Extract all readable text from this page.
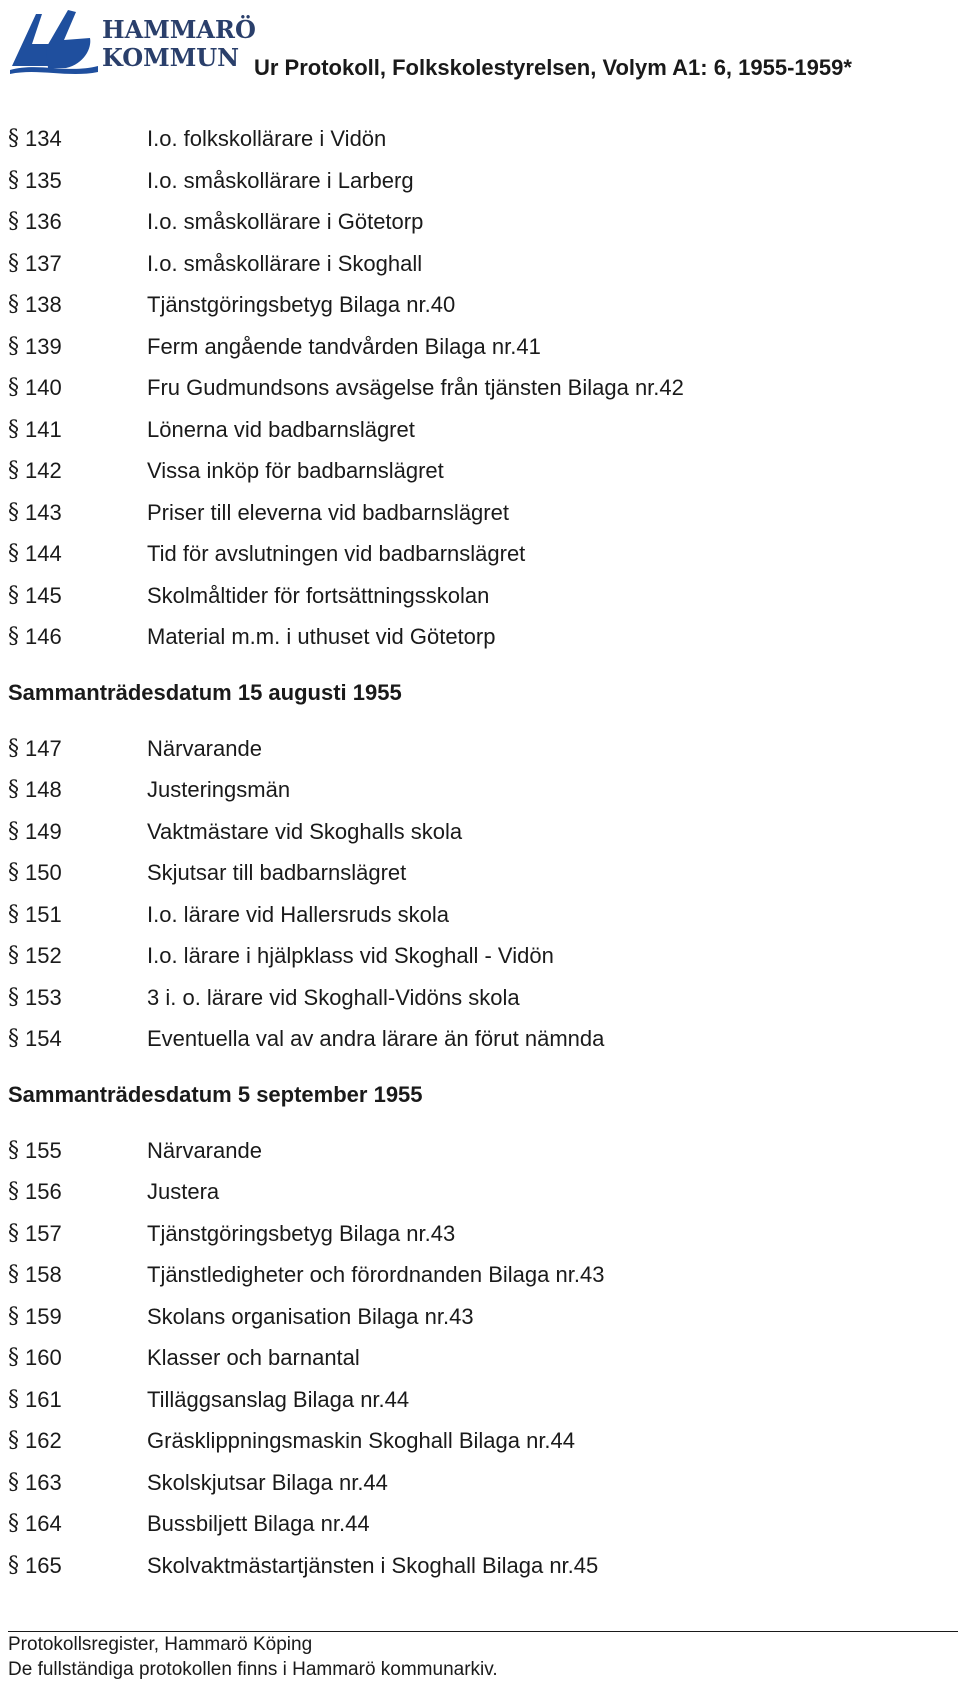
HAMMARÖ
KOMMUN Ur Protokoll, Folkskolestyrelsen, Volym A1: 6, 1955-1959*
§ 134	I.o. folkskollärare i Vidön
§ 135	I.o. småskollärare i Larberg
§ 136	I.o. småskollärare i Götetorp
§ 137	I.o. småskollärare i Skoghall
§ 138	Tjänstgöringsbetyg Bilaga nr.40
§ 139	Ferm angående tandvården Bilaga nr.41
§ 140	Fru Gudmundsons avsägelse från tjänsten Bilaga nr.42
§ 141	Lönerna vid badbarnslägret
§ 142	Vissa inköp för badbarnslägret
§ 143	Priser till eleverna vid badbarnslägret
§ 144	Tid för avslutningen vid badbarnslägret
§ 145	Skolmåltider för fortsättningsskolan
§ 146	Material m.m. i uthuset vid Götetorp
Sammanträdesdatum 15 augusti 1955
§ 147	Närvarande
§ 148	Justeringsmän
§ 149	Vaktmästare vid Skoghalls skola
§ 150	Skjutsar till badbarnslägret
§ 151	I.o. lärare vid Hallersruds skola
§ 152	I.o. lärare i hjälpklass vid Skoghall - Vidön
§ 153	3 i. o. lärare vid Skoghall-Vidöns skola
§ 154	Eventuella val av andra lärare än förut nämnda
Sammanträdesdatum 5 september 1955
§ 155	Närvarande
§ 156	Justera
§ 157	Tjänstgöringsbetyg Bilaga nr.43
§ 158	Tjänstledigheter och förordnanden Bilaga nr.43
§ 159	Skolans organisation Bilaga nr.43
§ 160	Klasser och barnantal
§ 161	Tilläggsanslag Bilaga nr.44
§ 162	Gräsklippningsmaskin Skoghall Bilaga nr.44
§ 163	Skolskjutsar Bilaga nr.44
§ 164	Bussbiljett Bilaga nr.44
§ 165	Skolvaktmästartjänsten i Skoghall Bilaga nr.45
Protokollsregister, Hammarö Köping
De fullständiga protokollen finns i Hammarö kommunarkiv.
